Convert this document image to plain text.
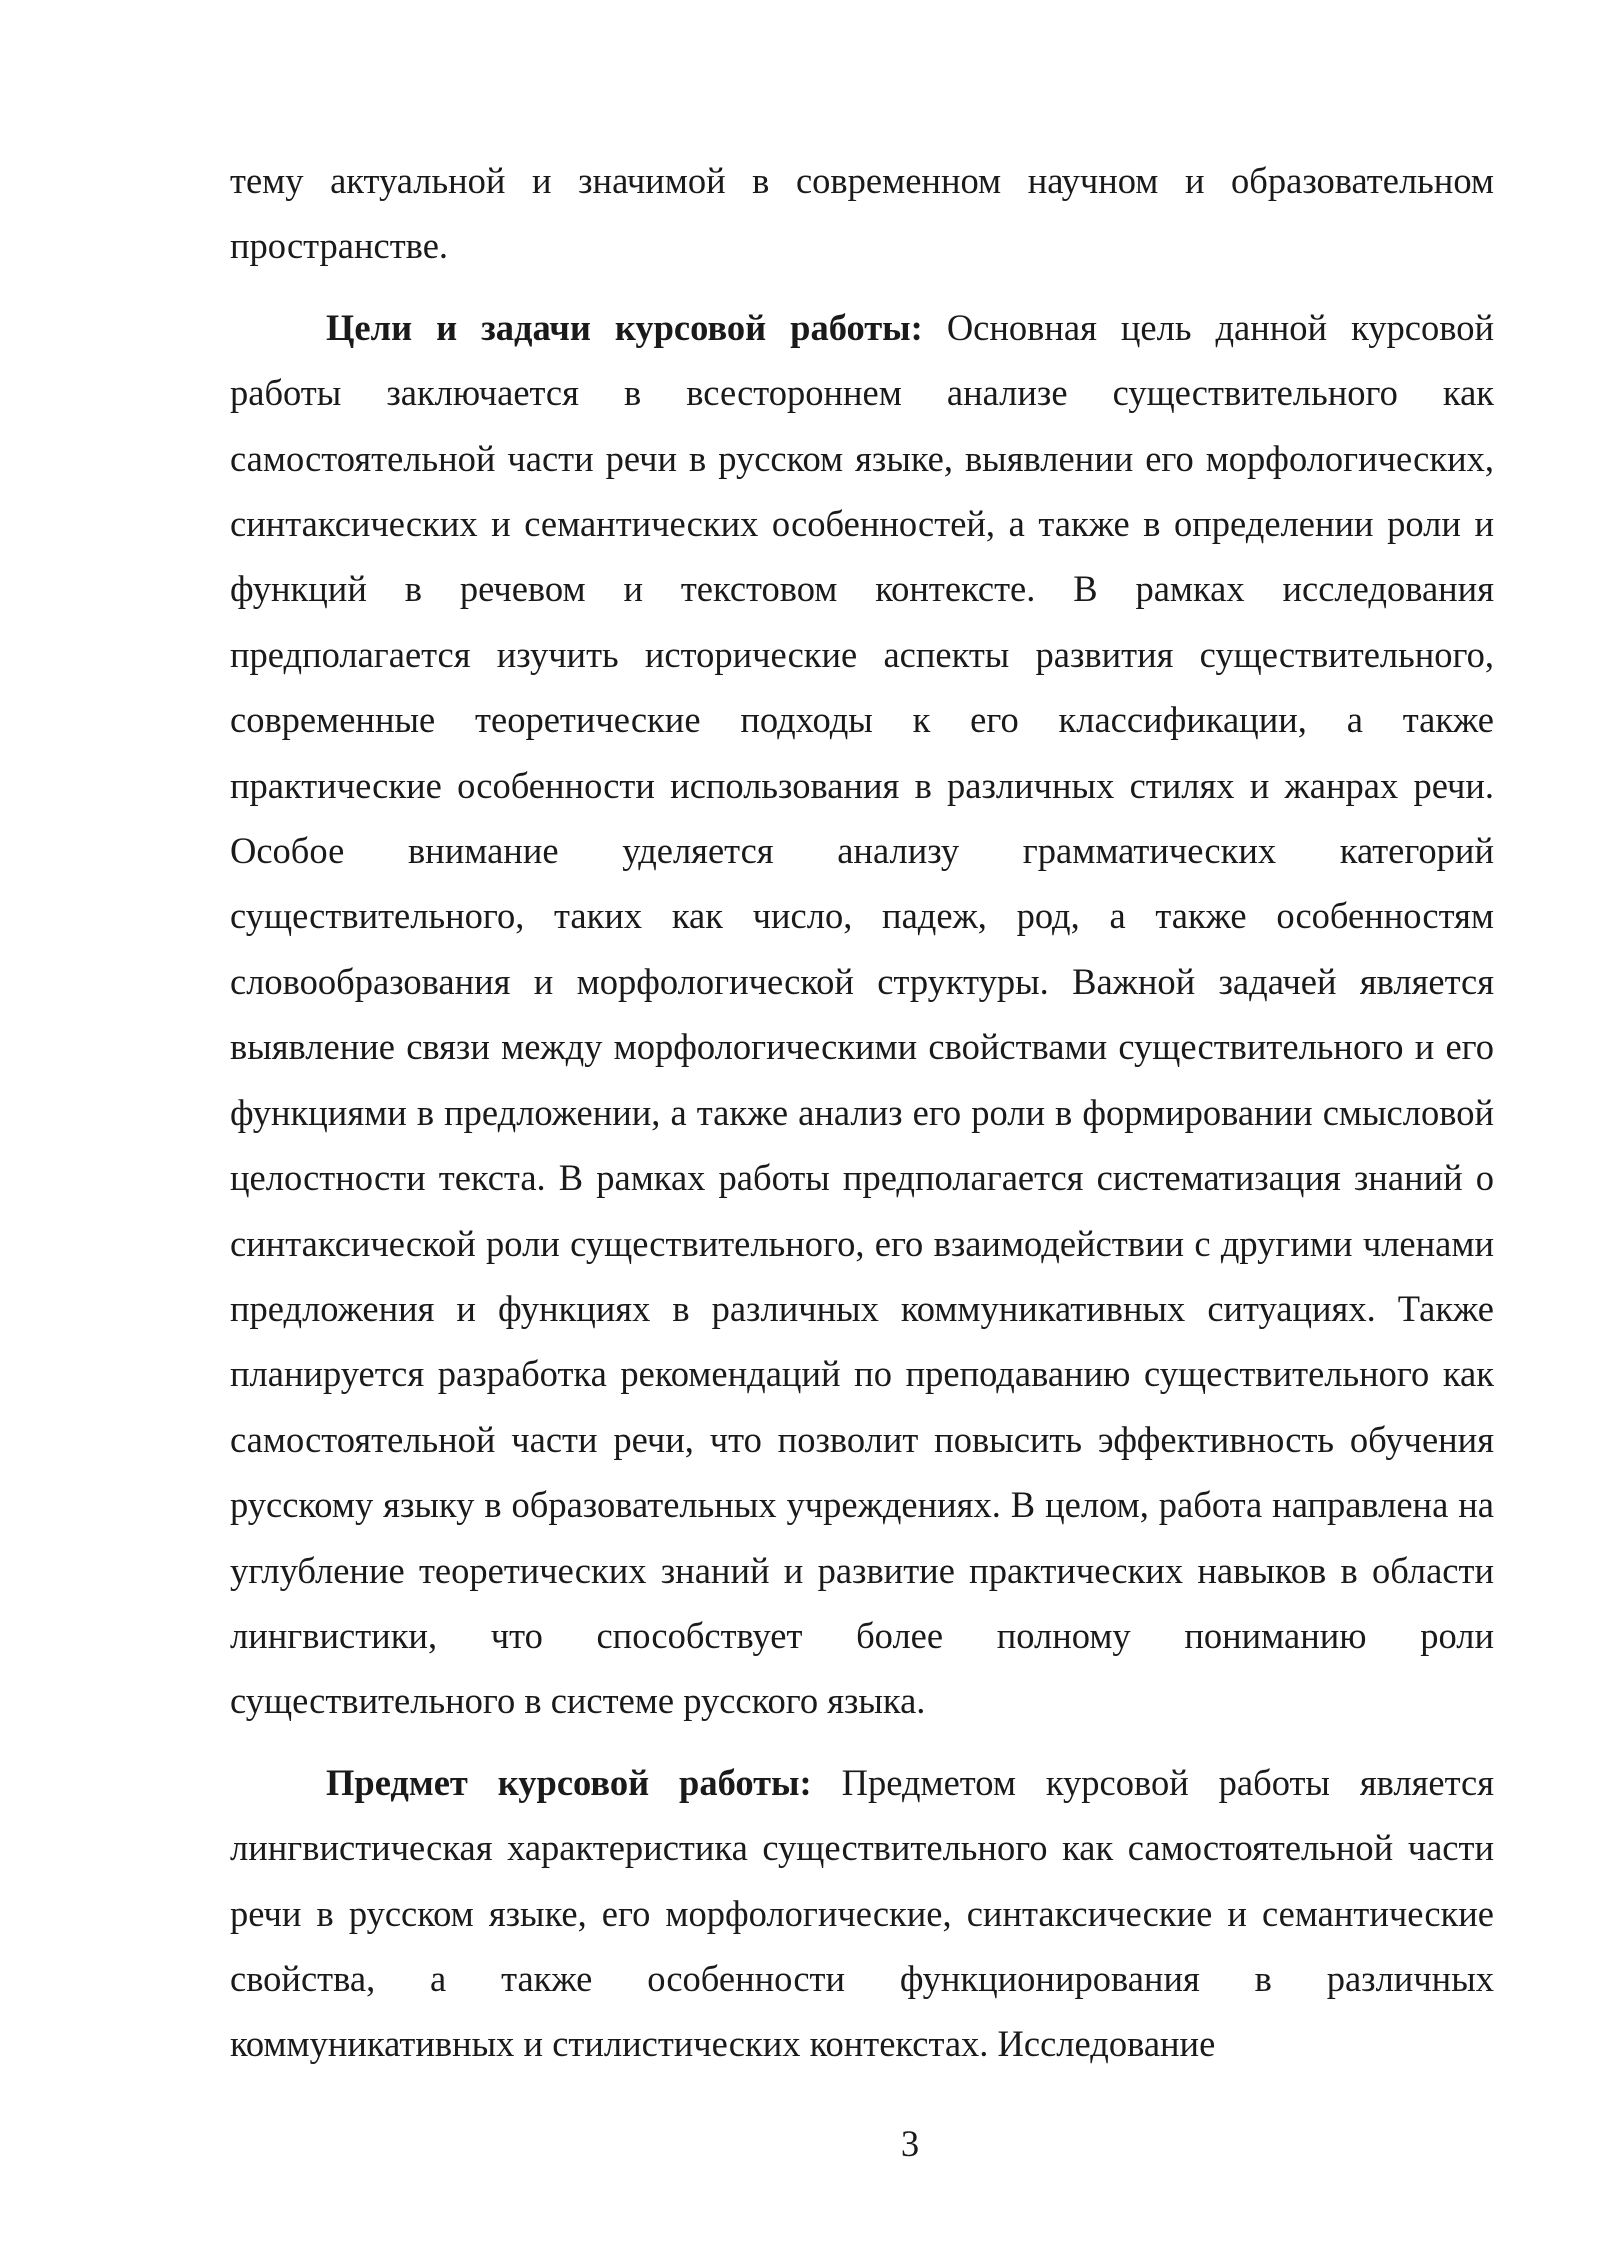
тему актуальной и значимой в современном научном и образовательном пространстве.

Цели и задачи курсовой работы: Основная цель данной курсовой работы заключается в всестороннем анализе существительного как самостоятельной части речи в русском языке, выявлении его морфологических, синтаксических и семантических особенностей, а также в определении роли и функций в речевом и текстовом контексте. В рамках исследования предполагается изучить исторические аспекты развития существительного, современные теоретические подходы к его классификации, а также практические особенности использования в различных стилях и жанрах речи. Особое внимание уделяется анализу грамматических категорий существительного, таких как число, падеж, род, а также особенностям словообразования и морфологической структуры. Важной задачей является выявление связи между морфологическими свойствами существительного и его функциями в предложении, а также анализ его роли в формировании смысловой целостности текста. В рамках работы предполагается систематизация знаний о синтаксической роли существительного, его взаимодействии с другими членами предложения и функциях в различных коммуникативных ситуациях. Также планируется разработка рекомендаций по преподаванию существительного как самостоятельной части речи, что позволит повысить эффективность обучения русскому языку в образовательных учреждениях. В целом, работа направлена на углубление теоретических знаний и развитие практических навыков в области лингвистики, что способствует более полному пониманию роли существительного в системе русского языка.

Предмет курсовой работы: Предметом курсовой работы является лингвистическая характеристика существительного как самостоятельной части речи в русском языке, его морфологические, синтаксические и семантические свойства, а также особенности функционирования в различных коммуникативных и стилистических контекстах. Исследование

3
